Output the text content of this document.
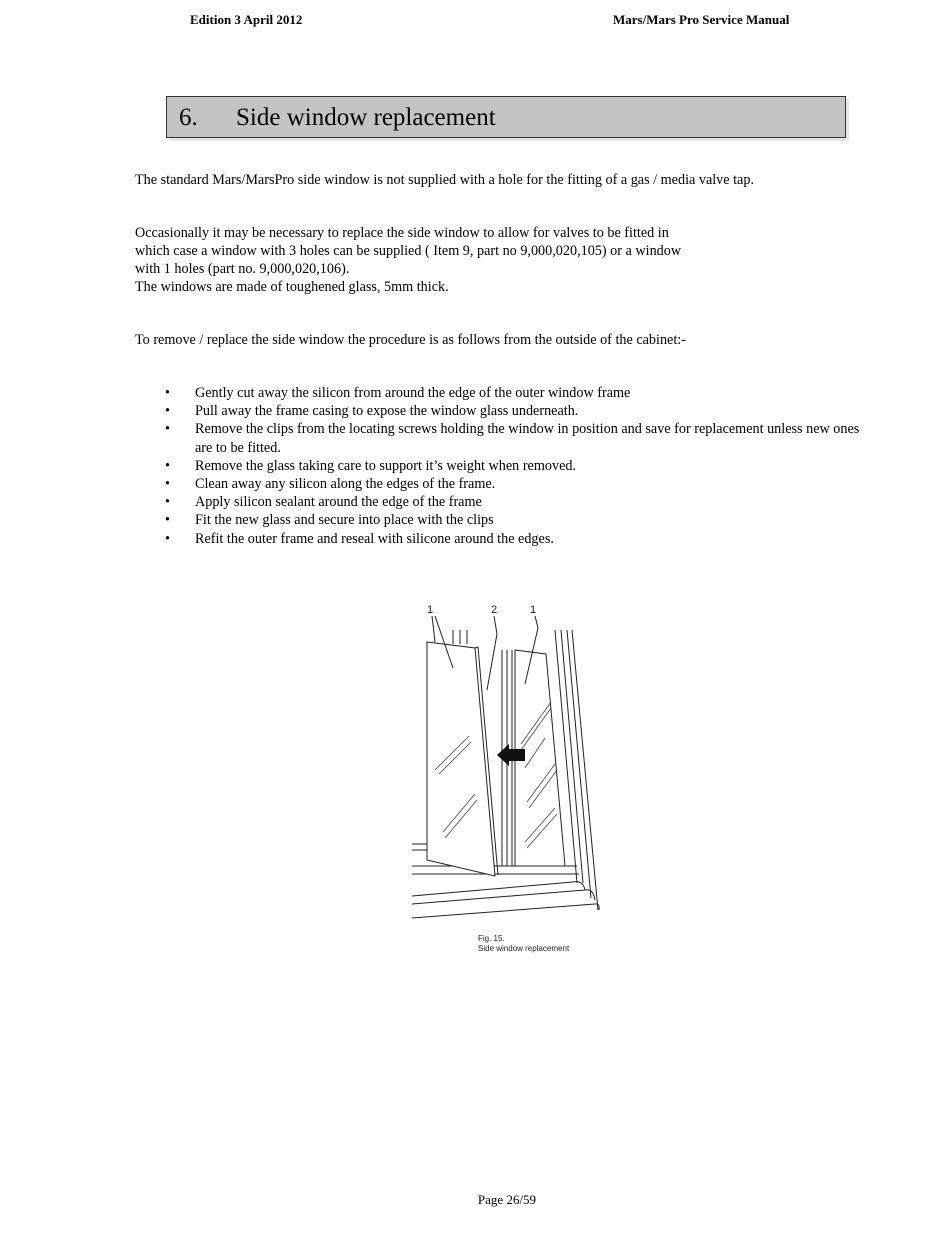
Edition 3 April 2012	Mars/Mars Pro Service Manual
6. Side window replacement
The standard Mars/MarsPro side window is not supplied with a hole for the fitting of a gas / media valve tap.
Occasionally it may be necessary to replace the side window to allow for valves to be fitted in
which case a window with 3 holes can be supplied ( Item 9, part no 9,000,020,105) or a window
with 1 holes (part no. 9,000,020,106).
The windows are made of toughened glass, 5mm thick.
To remove / replace the side window the procedure is as follows from the outside of the cabinet:-
• Gently cut away the silicon from around the edge of the outer window frame
• Pull away the frame casing to expose the window glass underneath.
• Remove the clips from the locating screws holding the window in position and save for replacement unless new ones are to be fitted.
• Remove the glass taking care to support it’s weight when removed.
• Clean away any silicon along the edges of the frame.
• Apply silicon sealant around the edge of the frame
• Fit the new glass and secure into place with the clips
• Refit the outer frame and reseal with silicone around the edges.
1	2	1
Fig. 15.
Side window replacement
Page 26/59
